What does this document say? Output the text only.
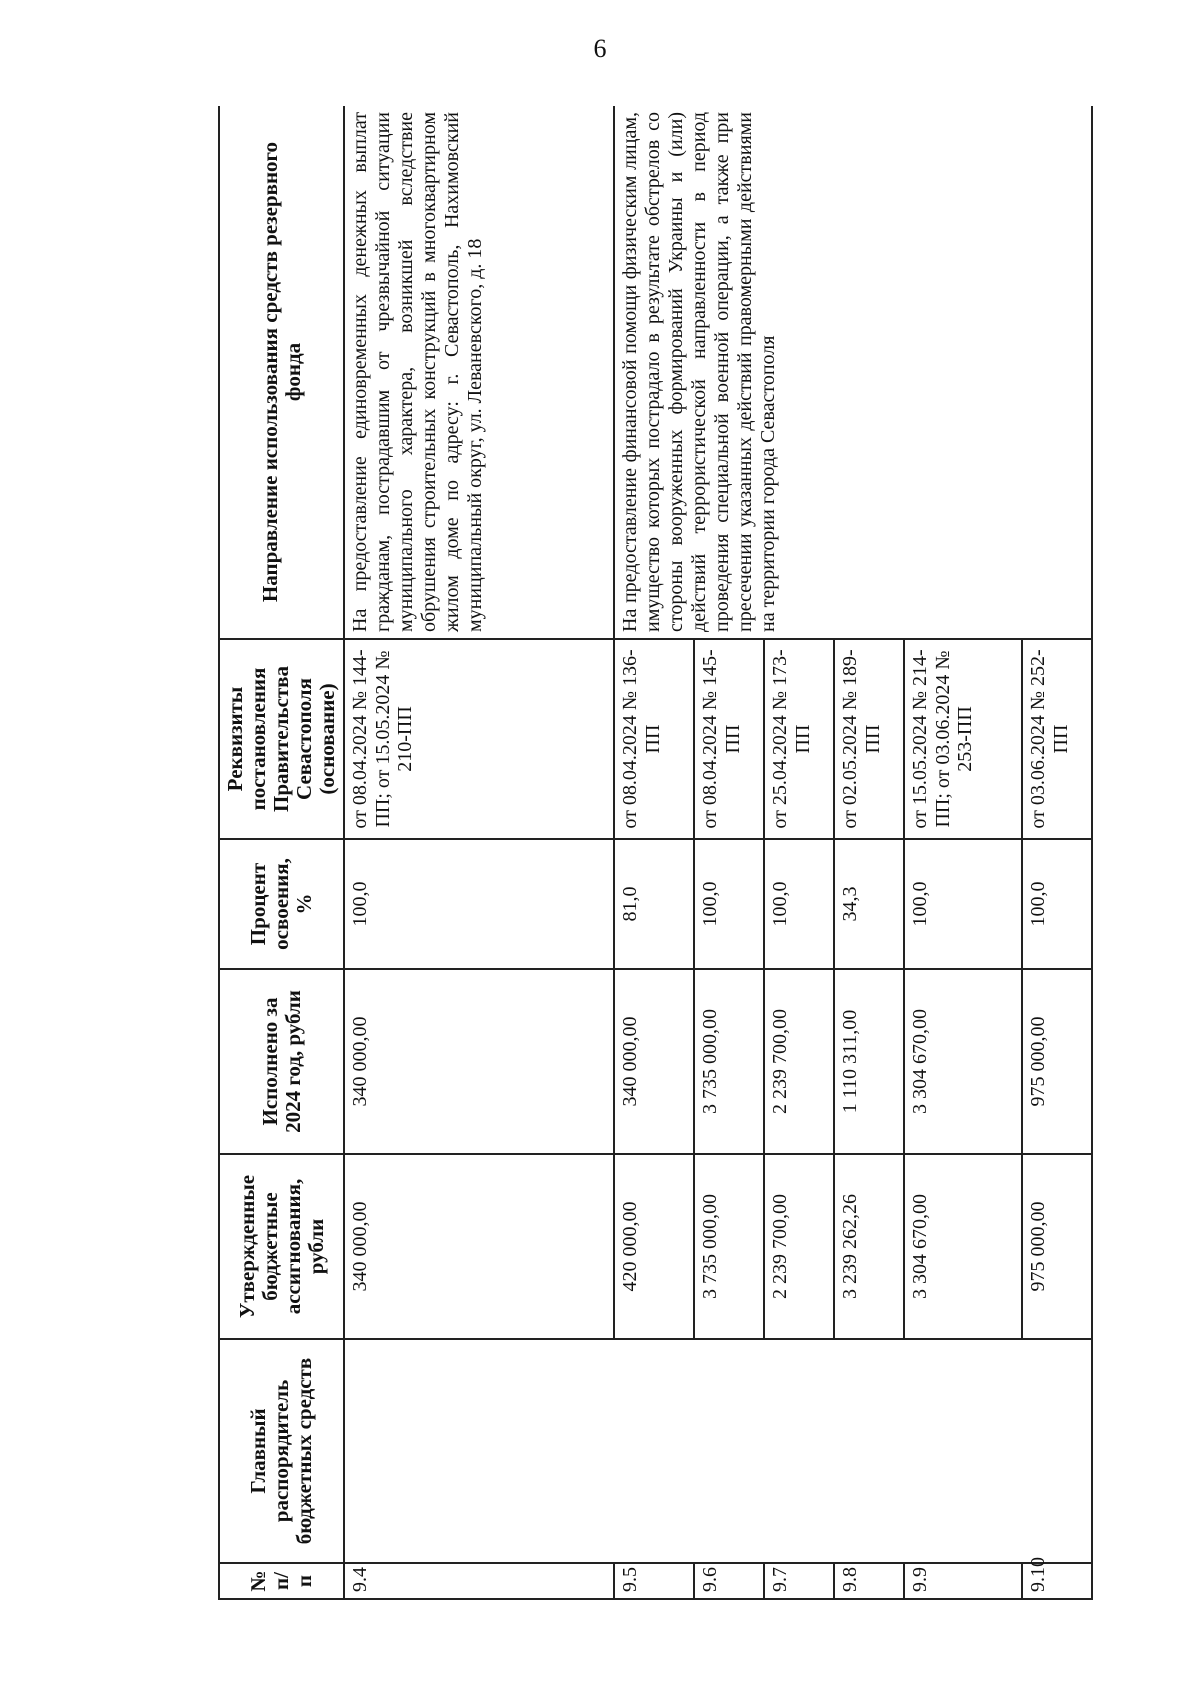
6
№ п/п	Главный распорядитель бюджетных средств	Утвержденные бюджетные ассигнования, рубли	Исполнено за 2024 год, рубли	Процент освоения, %	Реквизиты постановления Правительства Севастополя (основание)	Направление использования средств резервного фонда
9.4		340 000,00	340 000,00	100,0	от 08.04.2024 № 144-ПП; от 15.05.2024 № 210-ПП	На предоставление единовременных денежных выплат гражданам, пострадавшим от чрезвычайной ситуации муниципального характера, возникшей вследствие обрушения строительных конструкций в многоквартирном жилом доме по адресу: г. Севастополь, Нахимовский муниципальный округ, ул. Леваневского, д. 18
9.5		420 000,00	340 000,00	81,0	от 08.04.2024 № 136-ПП	На предоставление финансовой помощи физическим лицам, имущество которых пострадало в результате обстрелов со стороны вооруженных формирований Украины и (или) действий террористической направленности в период проведения специальной военной операции, а также при пресечении указанных действий правомерными действиями на территории города Севастополя
9.6		3 735 000,00	3 735 000,00	100,0	от 08.04.2024 № 145-ПП	
9.7		2 239 700,00	2 239 700,00	100,0	от 25.04.2024 № 173-ПП	
9.8		3 239 262,26	1 110 311,00	34,3	от 02.05.2024 № 189-ПП	
9.9		3 304 670,00	3 304 670,00	100,0	от 15.05.2024 № 214-ПП; от 03.06.2024 № 253-ПП	
9.10		975 000,00	975 000,00	100,0	от 03.06.2024 № 252-ПП	
